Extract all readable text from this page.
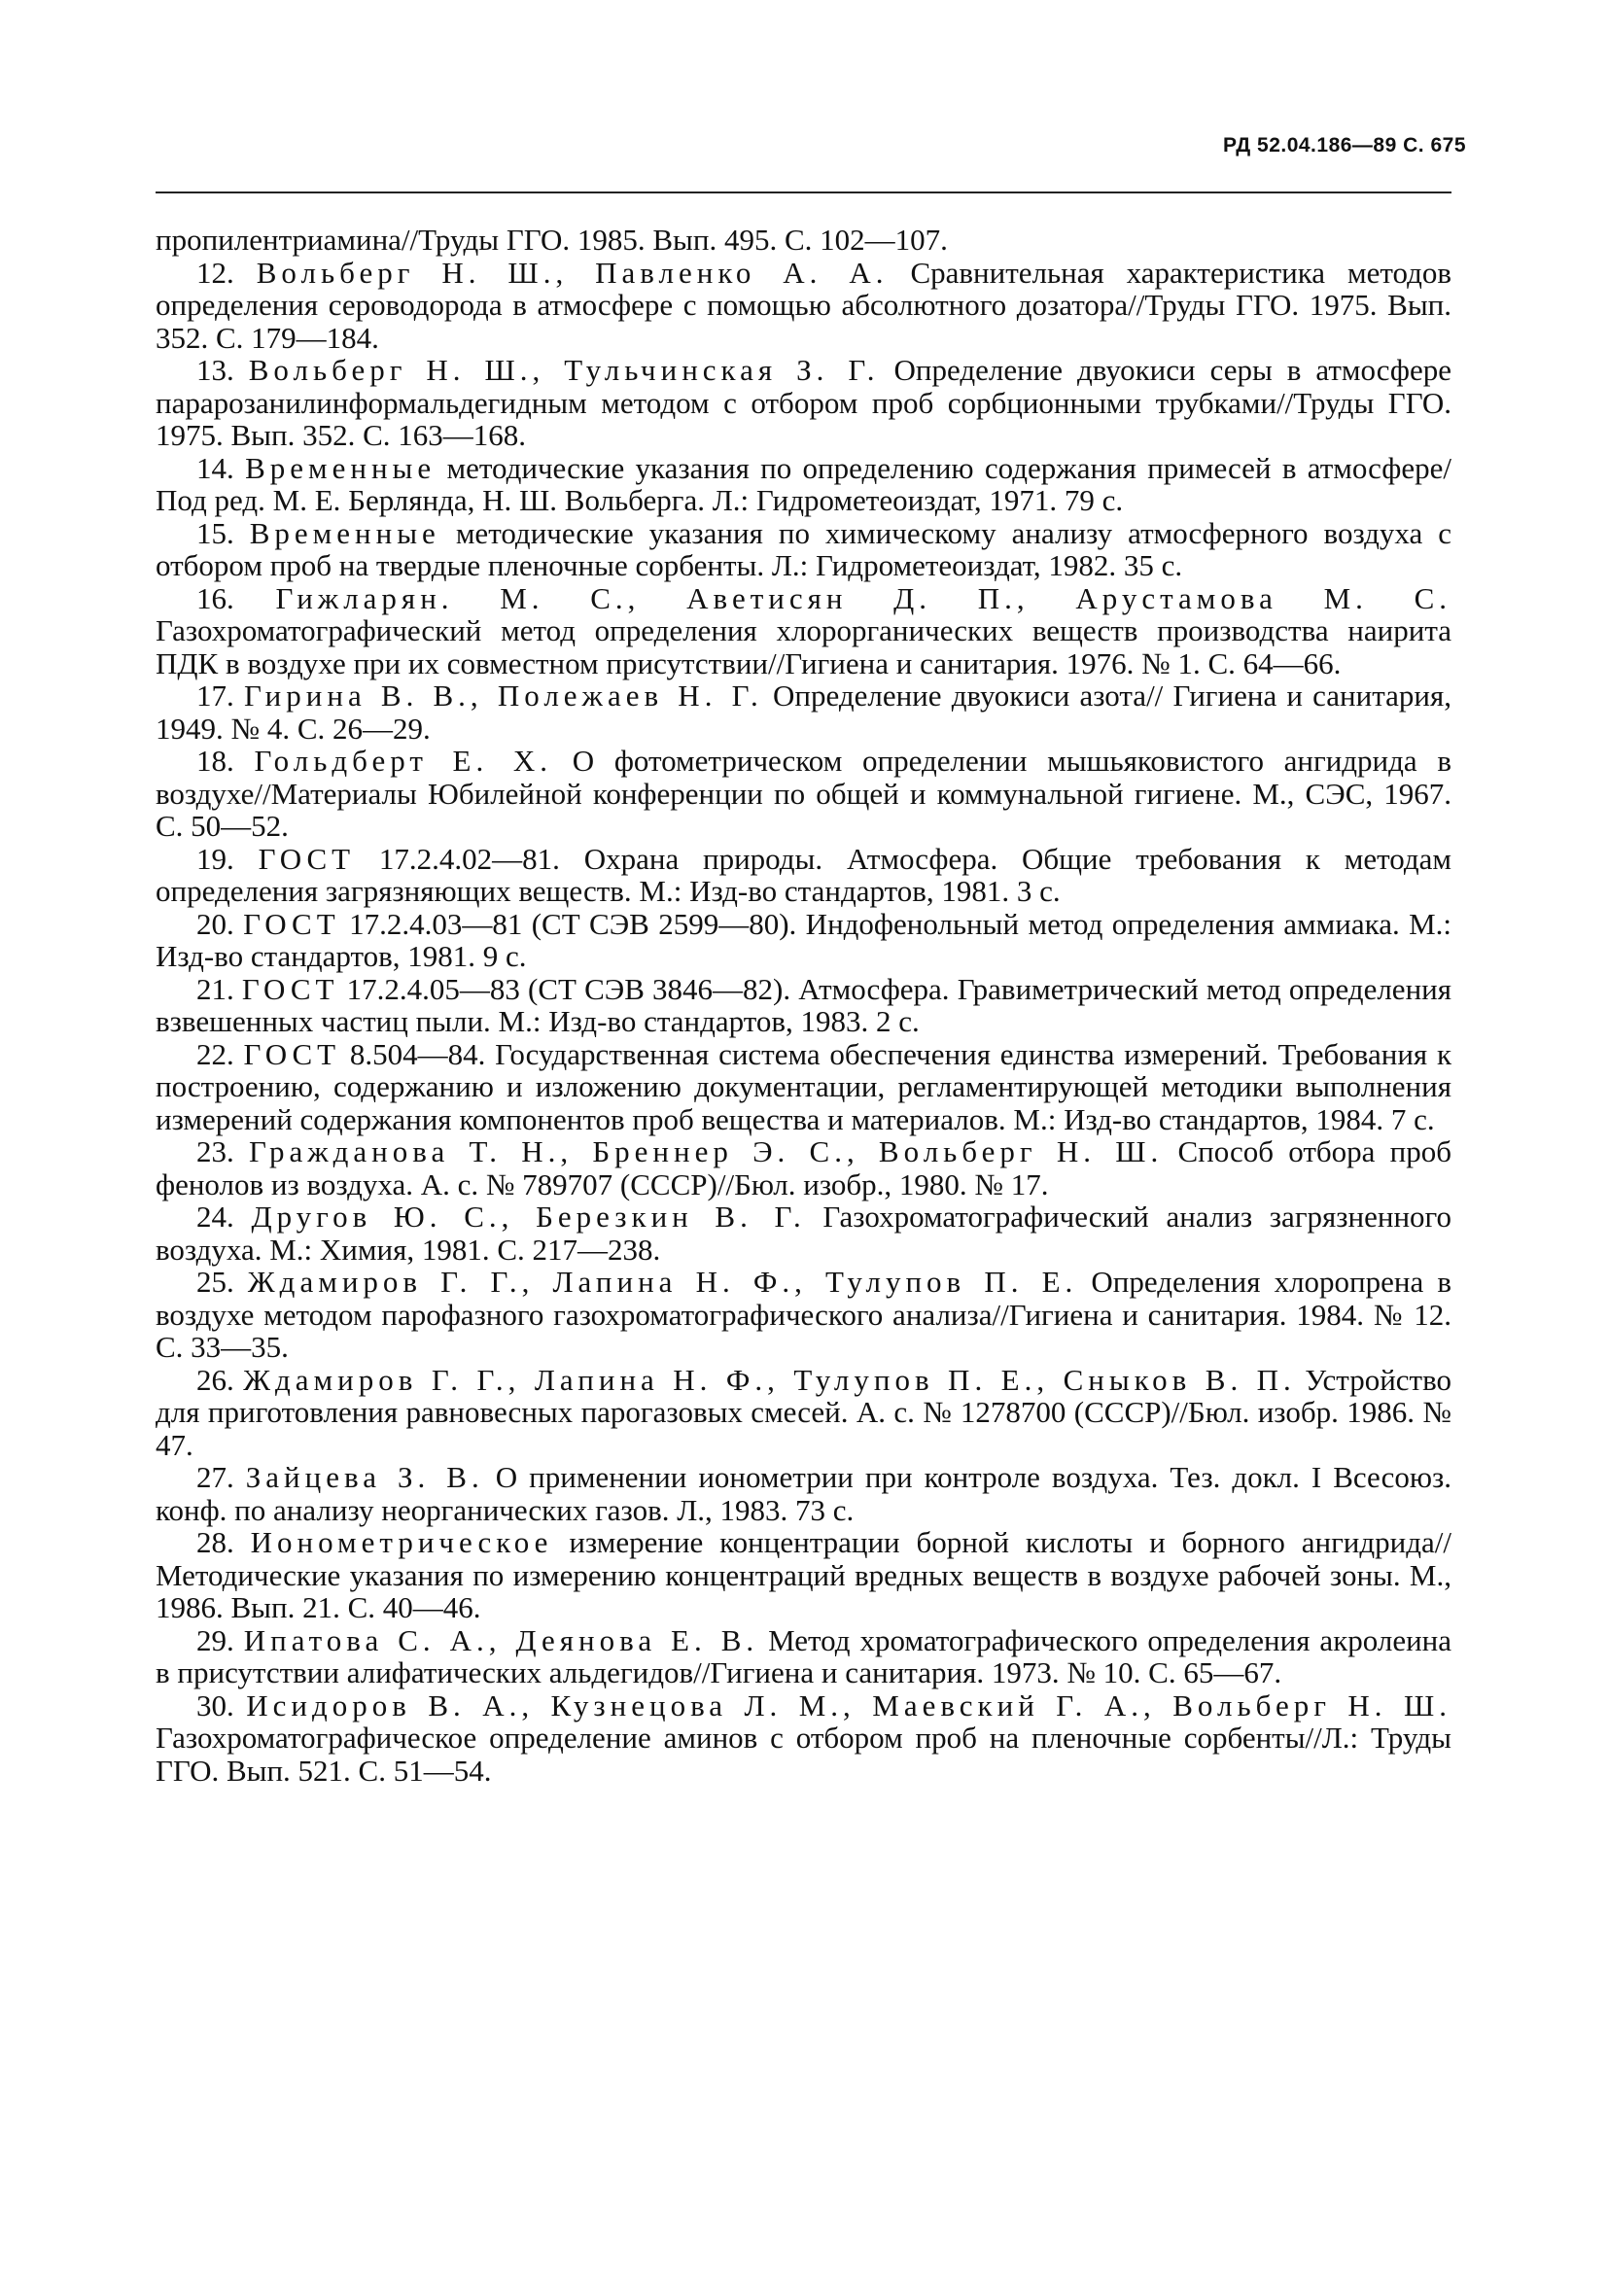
РД 52.04.186—89 С. 675

пропилентриамина//Труды ГГО. 1985. Вып. 495. С. 102—107.

12. Вольберг Н. Ш., Павленко А. А. Сравнительная характеристика методов определения сероводорода в атмосфере с помощью абсолютного дозатора//Труды ГГО. 1975. Вып. 352. С. 179—184.

13. Вольберг Н. Ш., Тульчинская З. Г. Определение двуокиси серы в атмосфере парарозанилинформальдегидным методом с отбором проб сорбционными трубками//Труды ГГО. 1975. Вып. 352. С. 163—168.

14. Временные методические указания по определению содержания примесей в атмосфере/Под ред. М. Е. Берлянда, Н. Ш. Вольберга. Л.: Гидрометеоиздат, 1971. 79 с.

15. Временные методические указания по химическому анализу атмосферного воздуха с отбором проб на твердые пленочные сорбенты. Л.: Гидрометеоиздат, 1982. 35 с.

16. Гижларян. М. С., Аветисян Д. П., Арустамова М. С. Газохроматографический метод определения хлорорганических веществ производства наирита ПДК в воздухе при их совместном присутствии//Гигиена и санитария. 1976. № 1. С. 64—66.

17. Гирина В. В., Полежаев Н. Г. Определение двуокиси азота// Гигиена и санитария, 1949. № 4. С. 26—29.

18. Гольдберт Е. Х. О фотометрическом определении мышьяковистого ангидрида в воздухе//Материалы Юбилейной конференции по общей и коммунальной гигиене. М., СЭС, 1967. С. 50—52.

19. ГОСТ 17.2.4.02—81. Охрана природы. Атмосфера. Общие требования к методам определения загрязняющих веществ. М.: Изд-во стандартов, 1981. 3 с.

20. ГОСТ 17.2.4.03—81 (СТ СЭВ 2599—80). Индофенольный метод определения аммиака. М.: Изд-во стандартов, 1981. 9 с.

21. ГОСТ 17.2.4.05—83 (СТ СЭВ 3846—82). Атмосфера. Гравиметрический метод определения взвешенных частиц пыли. М.: Изд-во стандартов, 1983. 2 с.

22. ГОСТ 8.504—84. Государственная система обеспечения единства измерений. Требования к построению, содержанию и изложению документации, регламентирующей методики выполнения измерений содержания компонентов проб вещества и материалов. М.: Изд-во стандартов, 1984. 7 с.

23. Гражданова Т. Н., Бреннер Э. С., Вольберг Н. Ш. Способ отбора проб фенолов из воздуха. А. с. № 789707 (СССР)//Бюл. изобр., 1980. № 17.

24. Другов Ю. С., Березкин В. Г. Газохроматографический анализ загрязненного воздуха. М.: Химия, 1981. С. 217—238.

25. Ждамиров Г. Г., Лапина Н. Ф., Тулупов П. Е. Определения хлоропрена в воздухе методом парофазного газохроматографического анализа//Гигиена и санитария. 1984. № 12. С. 33—35.

26. Ждамиров Г. Г., Лапина Н. Ф., Тулупов П. Е., Сныков В. П. Устройство для приготовления равновесных парогазовых смесей. А. с. № 1278700 (СССР)//Бюл. изобр. 1986. № 47.

27. Зайцева З. В. О применении ионометрии при контроле воздуха. Тез. докл. I Всесоюз. конф. по анализу неорганических газов. Л., 1983. 73 с.

28. Ионометрическое измерение концентрации борной кислоты и борного ангидрида//Методические указания по измерению концентраций вредных веществ в воздухе рабочей зоны. М., 1986. Вып. 21. С. 40—46.

29. Ипатова С. А., Деянова Е. В. Метод хроматографического определения акролеина в присутствии алифатических альдегидов//Гигиена и санитария. 1973. № 10. С. 65—67.

30. Исидоров В. А., Кузнецова Л. М., Маевский Г. А., Вольберг Н. Ш. Газохроматографическое определение аминов с отбором проб на пленочные сорбенты//Л.: Труды ГГО. Вып. 521. С. 51—54.
